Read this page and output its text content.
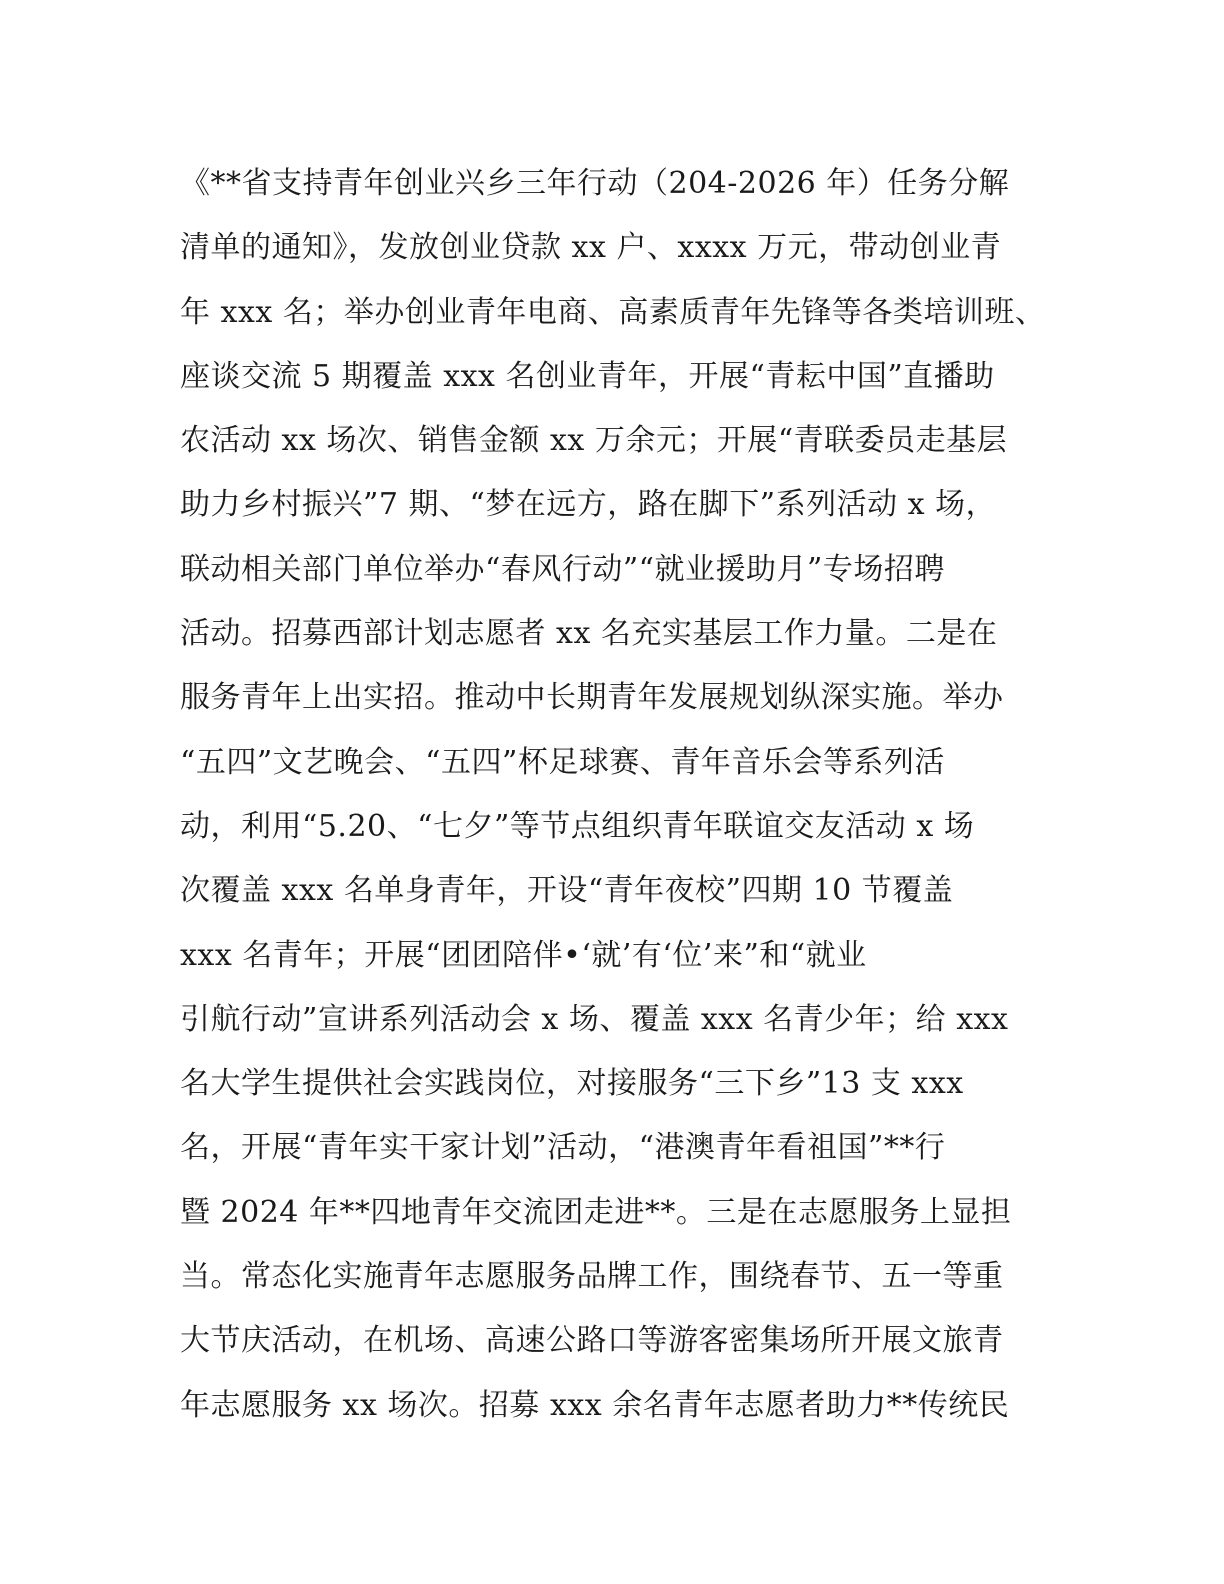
《**省支持青年创业兴乡三年行动（204-2026 年）任务分解
清单的通知》，发放创业贷款 xx 户、xxxx 万元，带动创业青
年 xxx 名；举办创业青年电商、高素质青年先锋等各类培训班、
座谈交流 5 期覆盖 xxx 名创业青年，开展“青耘中国”直播助
农活动 xx 场次、销售金额 xx 万余元；开展“青联委员走基层
助力乡村振兴”7 期、“梦在远方，路在脚下”系列活动 x 场，
联动相关部门单位举办“春风行动”“就业援助月”专场招聘
活动。招募西部计划志愿者 xx 名充实基层工作力量。二是在
服务青年上出实招。推动中长期青年发展规划纵深实施。举办
“五四”文艺晚会、“五四”杯足球赛、青年音乐会等系列活
动，利用“5.20、“七夕”等节点组织青年联谊交友活动 x 场
次覆盖 xxx 名单身青年，开设“青年夜校”四期 10 节覆盖
xxx 名青年；开展“团团陪伴•‘就’有‘位’来”和“就业
引航行动”宣讲系列活动会 x 场、覆盖 xxx 名青少年；给 xxx
名大学生提供社会实践岗位，对接服务“三下乡”13 支 xxx
名，开展“青年实干家计划”活动，“港澳青年看祖国”**行
暨 2024 年**四地青年交流团走进**。三是在志愿服务上显担
当。常态化实施青年志愿服务品牌工作，围绕春节、五一等重
大节庆活动，在机场、高速公路口等游客密集场所开展文旅青
年志愿服务 xx 场次。招募 xxx 余名青年志愿者助力**传统民
